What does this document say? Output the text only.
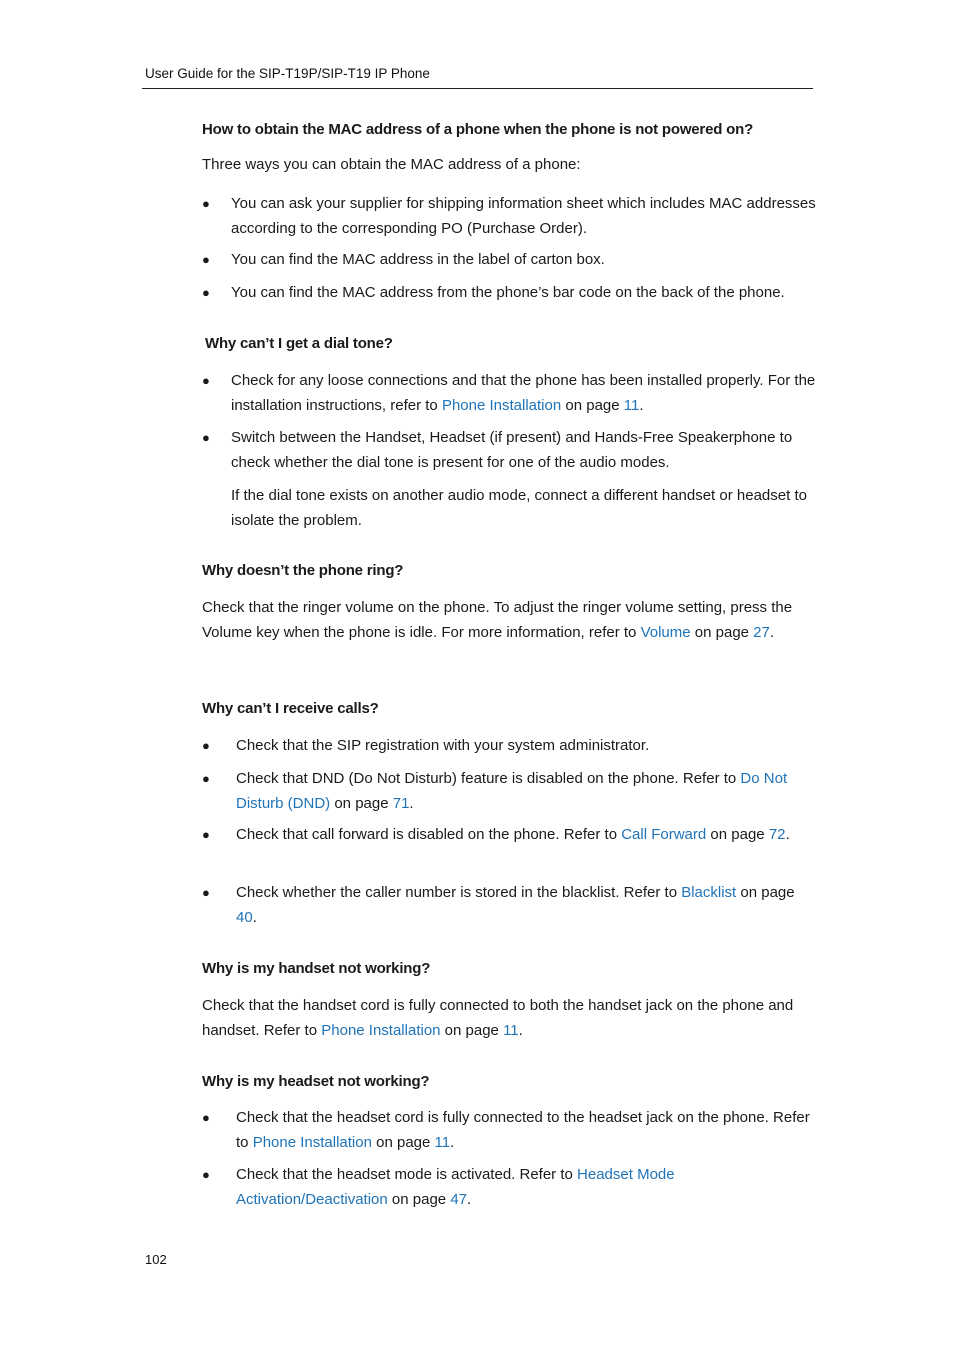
User Guide for the SIP-T19P/SIP-T19 IP Phone
How to obtain the MAC address of a phone when the phone is not powered on?
Three ways you can obtain the MAC address of a phone:
● You can ask your supplier for shipping information sheet which includes MAC addresses according to the corresponding PO (Purchase Order).
● You can find the MAC address in the label of carton box.
● You can find the MAC address from the phone’s bar code on the back of the phone.
Why can’t I get a dial tone?
● Check for any loose connections and that the phone has been installed properly. For the installation instructions, refer to Phone Installation on page 11.
● Switch between the Handset, Headset (if present) and Hands-Free Speakerphone to check whether the dial tone is present for one of the audio modes.
If the dial tone exists on another audio mode, connect a different handset or headset to isolate the problem.
Why doesn’t the phone ring?
Check that the ringer volume on the phone. To adjust the ringer volume setting, press the Volume key when the phone is idle. For more information, refer to Volume on page 27.
Why can’t I receive calls?
● Check that the SIP registration with your system administrator.
● Check that DND (Do Not Disturb) feature is disabled on the phone. Refer to Do Not Disturb (DND) on page 71.
● Check that call forward is disabled on the phone. Refer to Call Forward on page 72.
● Check whether the caller number is stored in the blacklist. Refer to Blacklist on page 40.
Why is my handset not working?
Check that the handset cord is fully connected to both the handset jack on the phone and handset. Refer to Phone Installation on page 11.
Why is my headset not working?
● Check that the headset cord is fully connected to the headset jack on the phone. Refer to Phone Installation on page 11.
● Check that the headset mode is activated. Refer to Headset Mode Activation/Deactivation on page 47.
102
